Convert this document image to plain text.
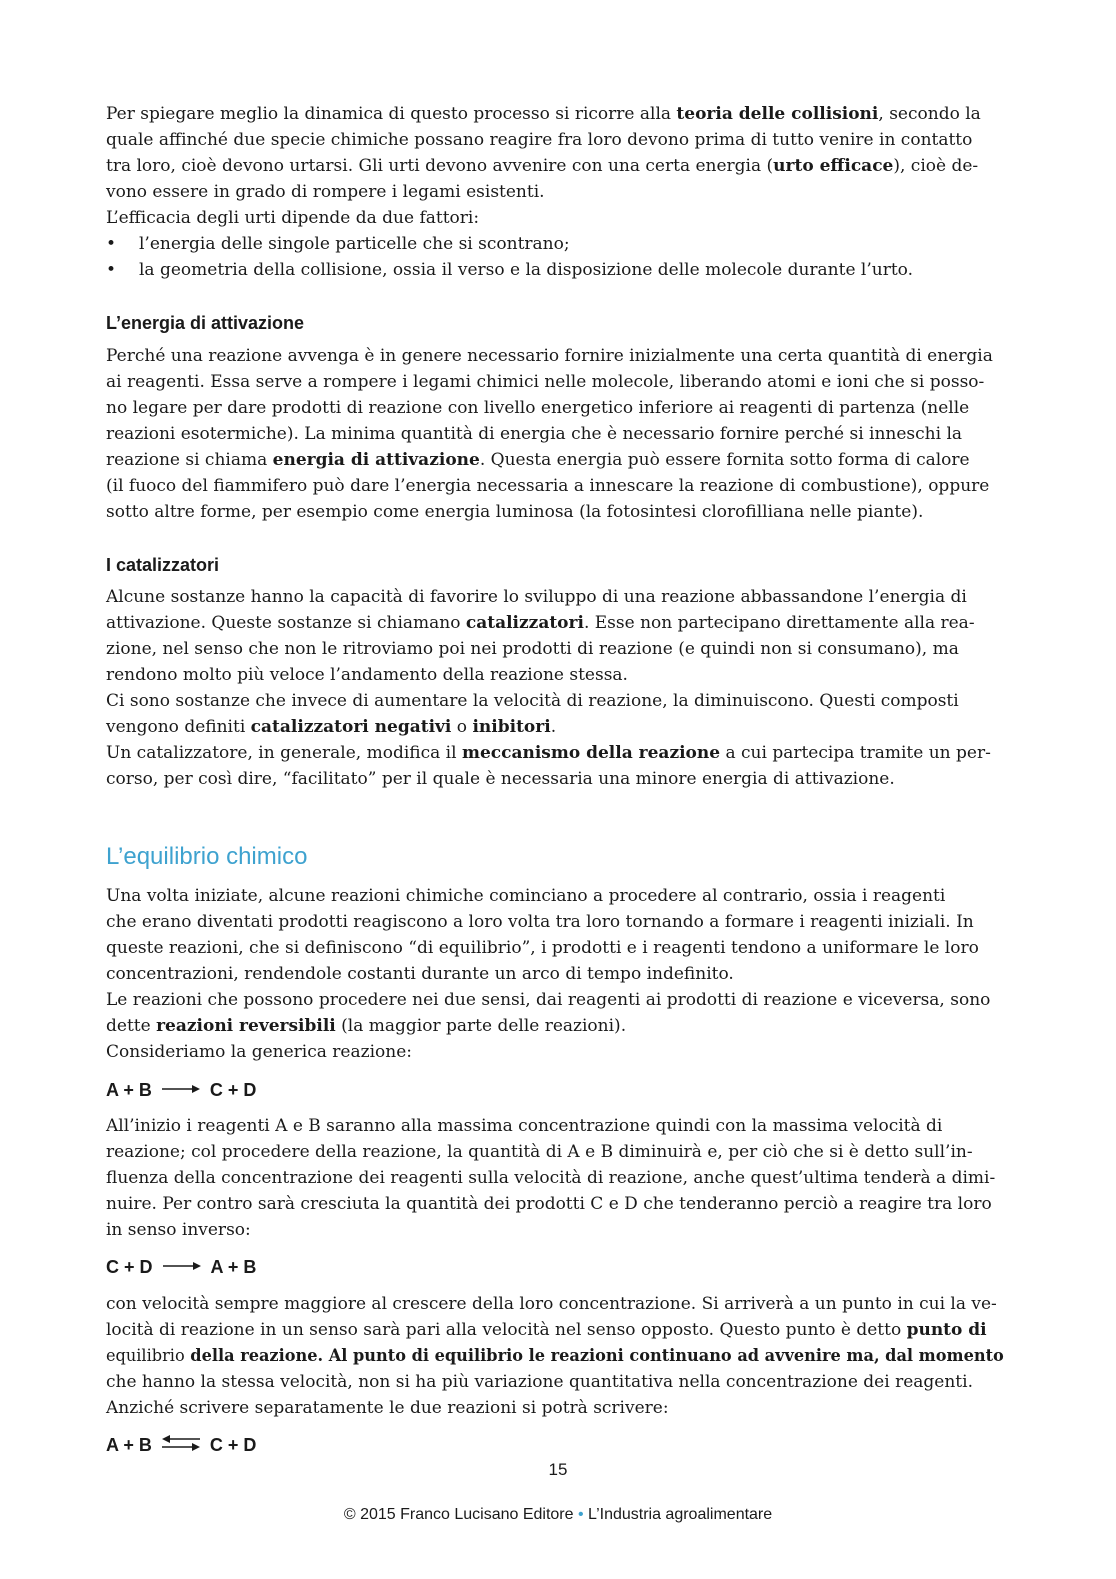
Per spiegare meglio la dinamica di questo processo si ricorre alla teoria delle collisioni, secondo la
quale affinché due specie chimiche possano reagire fra loro devono prima di tutto venire in contatto
tra loro, cioè devono urtarsi. Gli urti devono avvenire con una certa energia (urto efficace), cioè de-
vono essere in grado di rompere i legami esistenti.
L’efficacia degli urti dipende da due fattori:
• l’energia delle singole particelle che si scontrano;
• la geometria della collisione, ossia il verso e la disposizione delle molecole durante l’urto.
L’energia di attivazione
Perché una reazione avvenga è in genere necessario fornire inizialmente una certa quantità di energia
ai reagenti. Essa serve a rompere i legami chimici nelle molecole, liberando atomi e ioni che si posso-
no legare per dare prodotti di reazione con livello energetico inferiore ai reagenti di partenza (nelle
reazioni esotermiche). La minima quantità di energia che è necessario fornire perché si inneschi la
reazione si chiama energia di attivazione. Questa energia può essere fornita sotto forma di calore
(il fuoco del fiammifero può dare l’energia necessaria a innescare la reazione di combustione), oppure
sotto altre forme, per esempio come energia luminosa (la fotosintesi clorofilliana nelle piante).
I catalizzatori
Alcune sostanze hanno la capacità di favorire lo sviluppo di una reazione abbassandone l’energia di
attivazione. Queste sostanze si chiamano catalizzatori. Esse non partecipano direttamente alla rea-
zione, nel senso che non le ritroviamo poi nei prodotti di reazione (e quindi non si consumano), ma
rendono molto più veloce l’andamento della reazione stessa.
Ci sono sostanze che invece di aumentare la velocità di reazione, la diminuiscono. Questi composti
vengono definiti catalizzatori negativi o inibitori.
Un catalizzatore, in generale, modifica il meccanismo della reazione a cui partecipa tramite un per-
corso, per così dire, “facilitato” per il quale è necessaria una minore energia di attivazione.
L’equilibrio chimico
Una volta iniziate, alcune reazioni chimiche cominciano a procedere al contrario, ossia i reagenti
che erano diventati prodotti reagiscono a loro volta tra loro tornando a formare i reagenti iniziali. In
queste reazioni, che si definiscono “di equilibrio”, i prodotti e i reagenti tendono a uniformare le loro
concentrazioni, rendendole costanti durante un arco di tempo indefinito.
Le reazioni che possono procedere nei due sensi, dai reagenti ai prodotti di reazione e viceversa, sono
dette reazioni reversibili (la maggior parte delle reazioni).
Consideriamo la generica reazione:
A + B	C + D
All’inizio i reagenti A e B saranno alla massima concentrazione quindi con la massima velocità di
reazione; col procedere della reazione, la quantità di A e B diminuirà e, per ciò che si è detto sull’in-
fluenza della concentrazione dei reagenti sulla velocità di reazione, anche quest’ultima tenderà a dimi-
nuire. Per contro sarà cresciuta la quantità dei prodotti C e D che tenderanno perciò a reagire tra loro
in senso inverso:
C + D	A + B
con velocità sempre maggiore al crescere della loro concentrazione. Si arriverà a un punto in cui la ve-
locità di reazione in un senso sarà pari alla velocità nel senso opposto. Questo punto è detto punto di
equilibrio della reazione. Al punto di equilibrio le reazioni continuano ad avvenire ma, dal momento
che hanno la stessa velocità, non si ha più variazione quantitativa nella concentrazione dei reagenti.
Anziché scrivere separatamente le due reazioni si potrà scrivere:
A + B ⇌ C + D
15
© 2015 Franco Lucisano Editore • L’Industria agroalimentare
